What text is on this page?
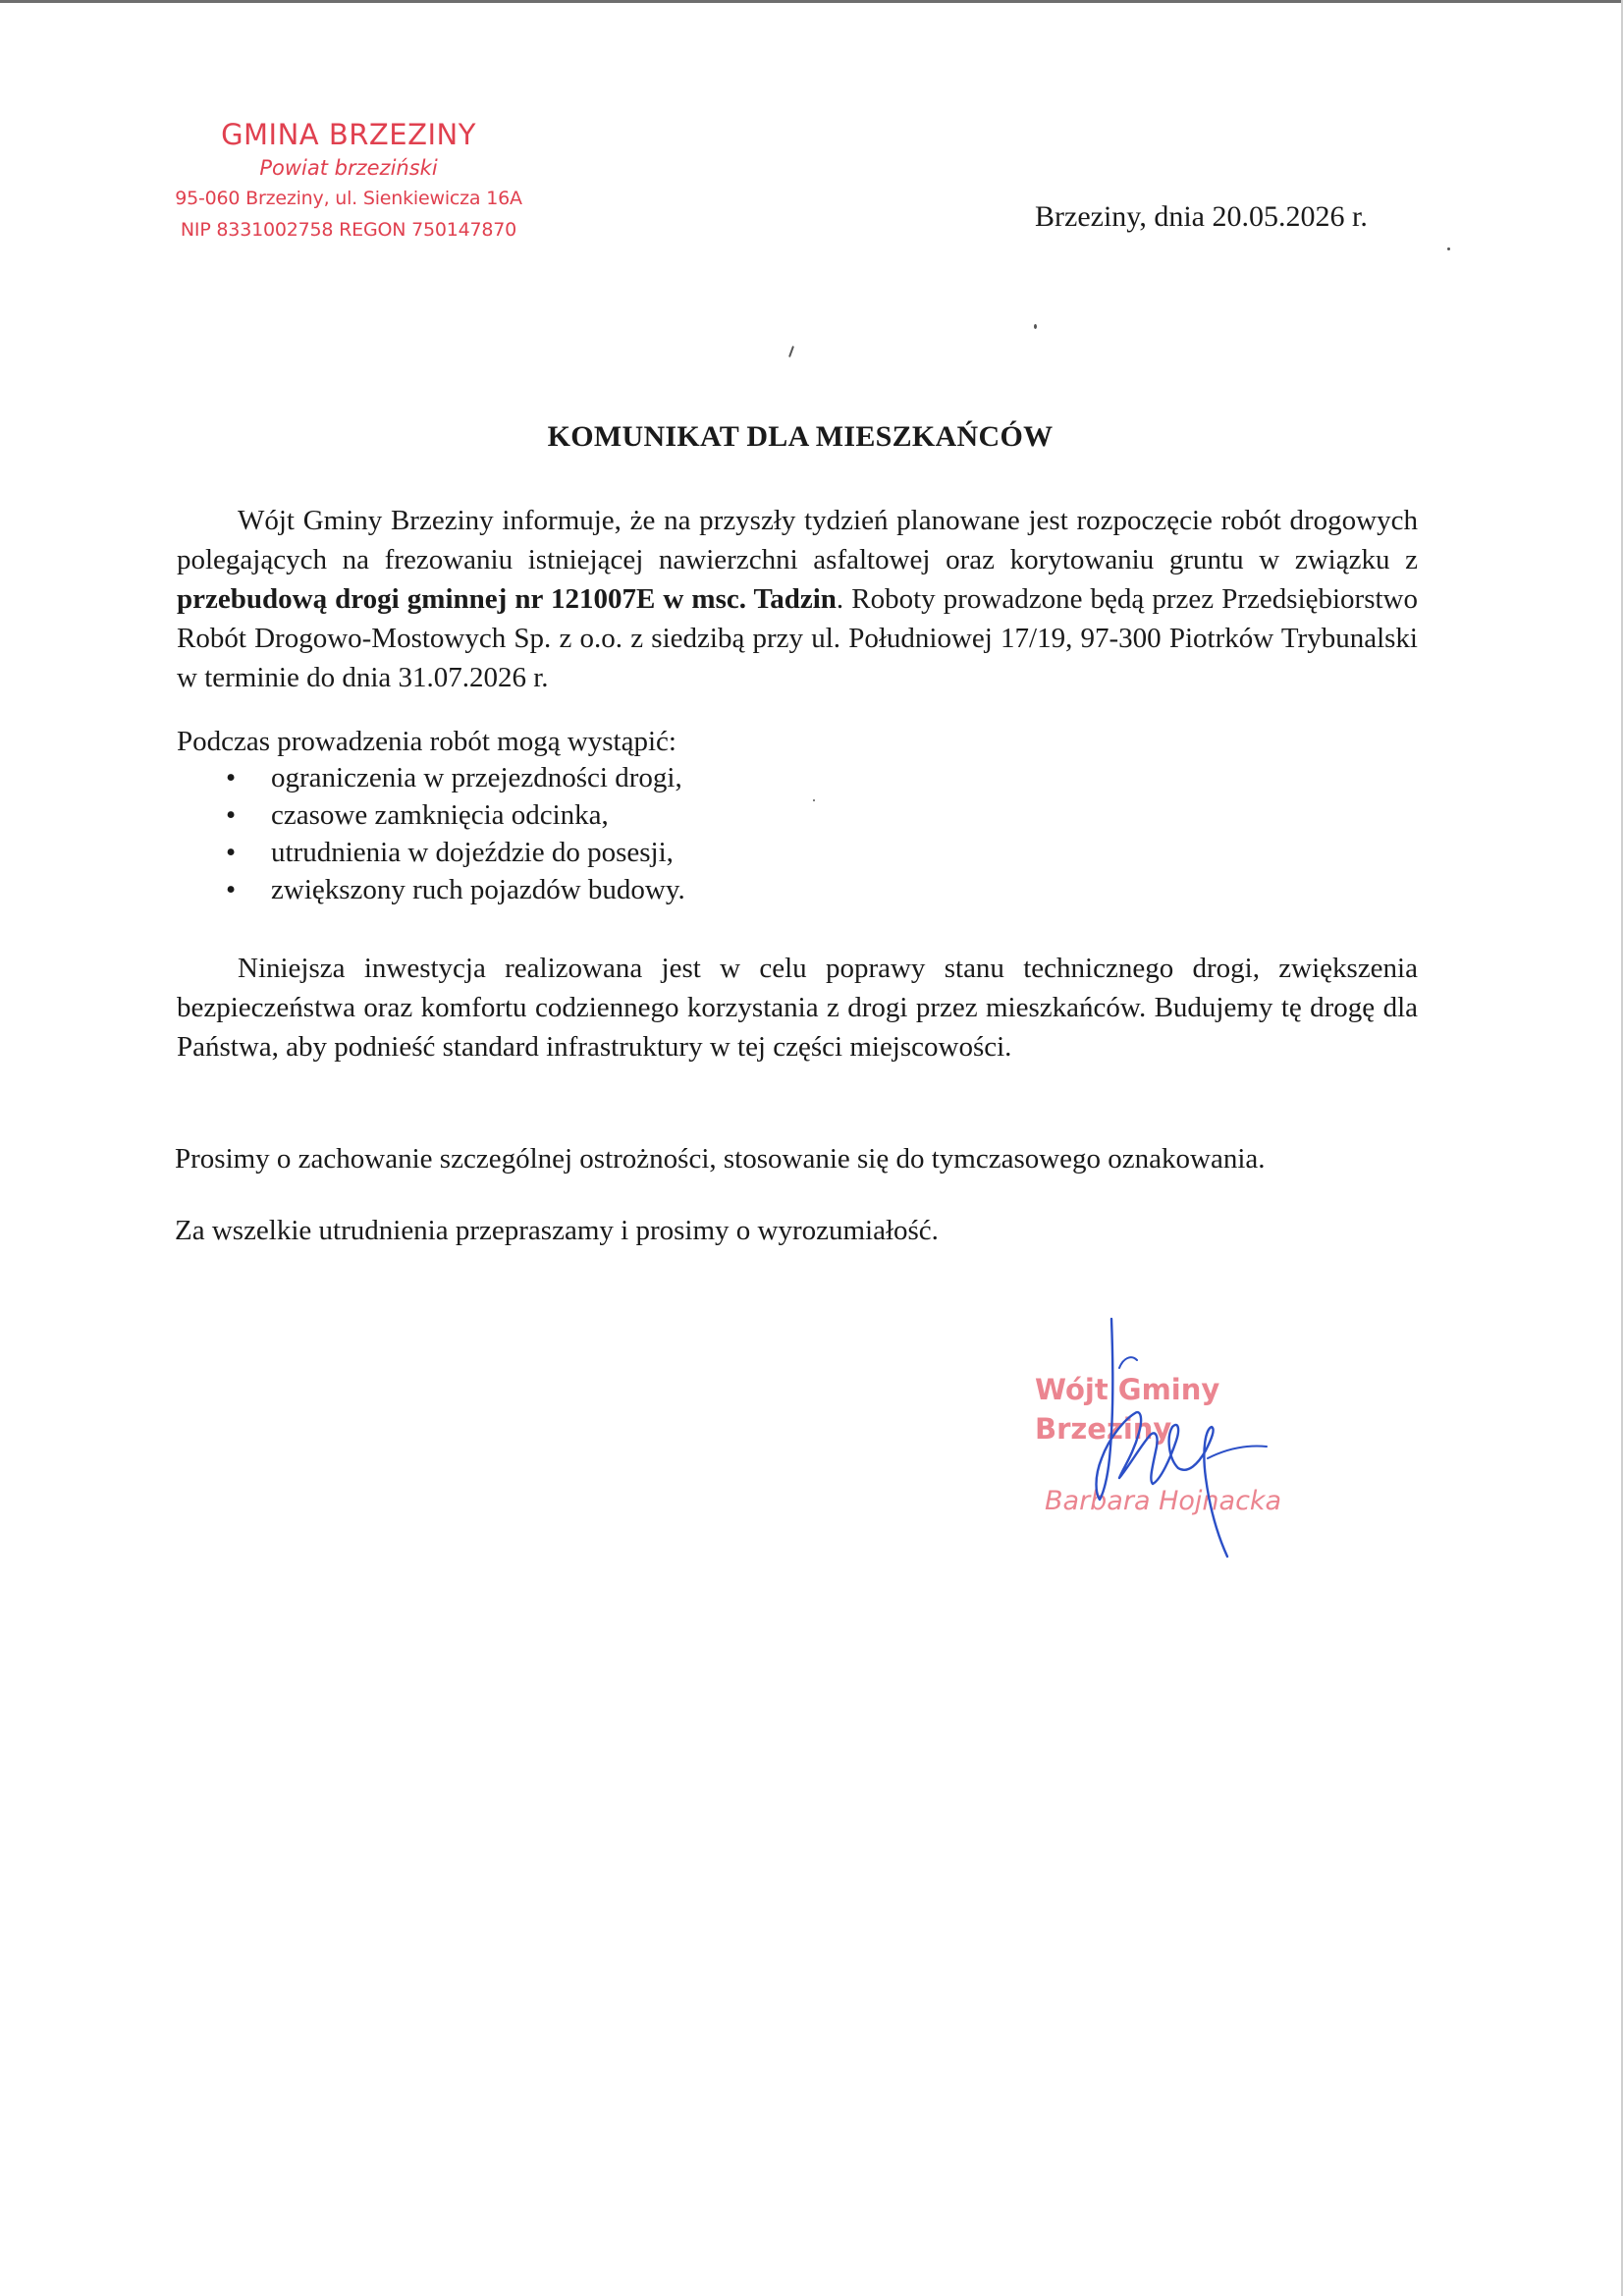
GMINA BRZEZINY
Powiat brzeziński
95-060 Brzeziny, ul. Sienkiewicza 16A
NIP 8331002758 REGON 750147870	Brzeziny, dnia 20.05.2026 r.
KOMUNIKAT DLA MIESZKAŃCÓW
Wójt Gminy Brzeziny informuje, że na przyszły tydzień planowane jest rozpoczęcie robót drogowych polegających na frezowaniu istniejącej nawierzchni asfaltowej oraz korytowaniu gruntu w związku z przebudową drogi gminnej nr 121007E w msc. Tadzin. Roboty prowadzone będą przez Przedsiębiorstwo Robót Drogowo-Mostowych Sp. z o.o. z siedzibą przy ul. Południowej 17/19, 97-300 Piotrków Trybunalski w terminie do dnia 31.07.2026 r.
Podczas prowadzenia robót mogą wystąpić:
• ograniczenia w przejezdności drogi,
• czasowe zamknięcia odcinka,
• utrudnienia w dojeździe do posesji,
• zwiększony ruch pojazdów budowy.
Niniejsza inwestycja realizowana jest w celu poprawy stanu technicznego drogi, zwiększenia bezpieczeństwa oraz komfortu codziennego korzystania z drogi przez mieszkańców. Budujemy tę drogę dla Państwa, aby podnieść standard infrastruktury w tej części miejscowości.
Prosimy o zachowanie szczególnej ostrożności, stosowanie się do tymczasowego oznakowania.
Za wszelkie utrudnienia przepraszamy i prosimy o wyrozumiałość.
Wójt Gminy Brzeziny
Barbara Hojnacka
